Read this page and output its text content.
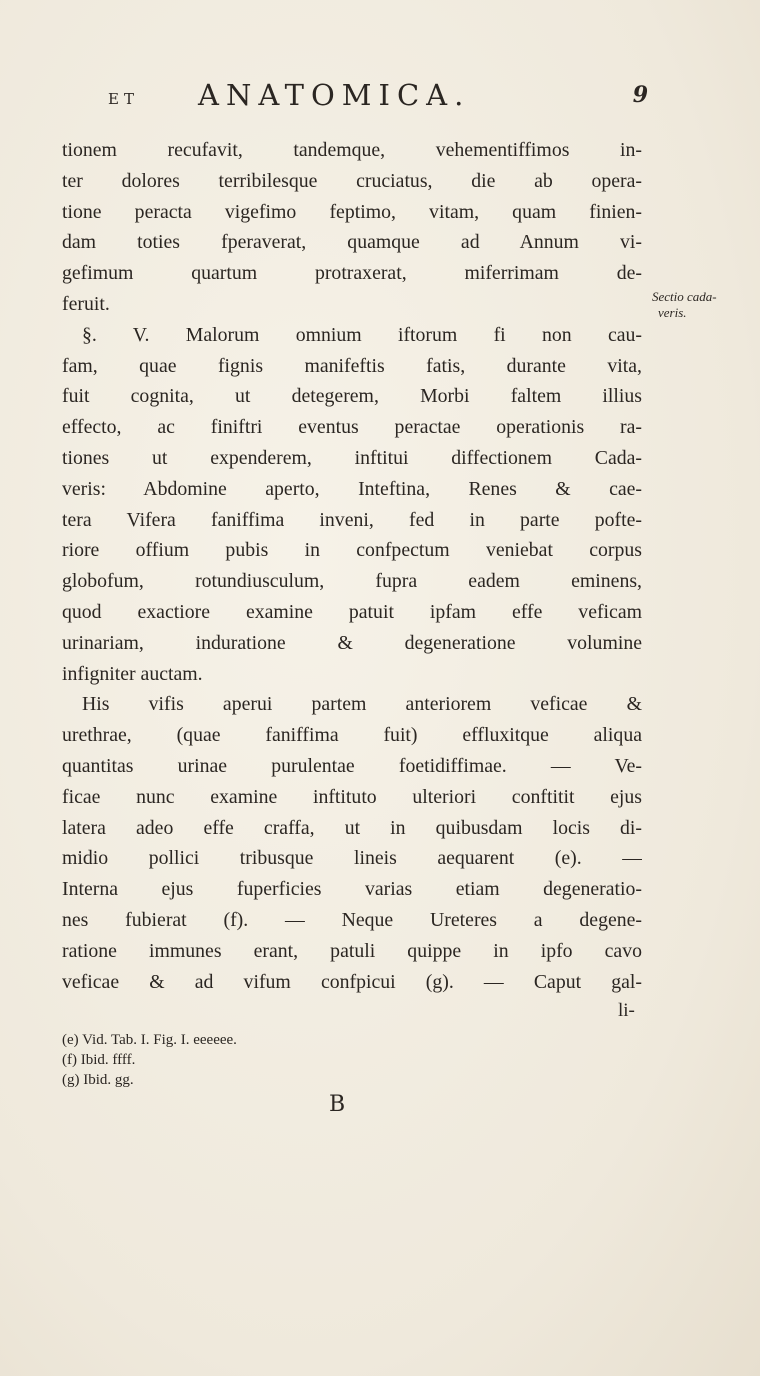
ET ANATOMICA.	9
tionem recufavit, tandemque, vehementiffimos in-
ter dolores terribilesque cruciatus, die ab opera-
tione peracta vigefimo feptimo, vitam, quam finien-
dam toties fperaverat, quamque ad Annum vi-
gefimum quartum protraxerat, miferrimam de-
feruit.
§. V. Malorum omnium iftorum fi non cau-
fam, quae fignis manifeftis fatis, durante vita,
fuit cognita, ut detegerem, Morbi faltem illius
effecto, ac finiftri eventus peractae operationis ra-
tiones ut expenderem, inftitui diffectionem Cada-
veris: Abdomine aperto, Inteftina, Renes & cae-
tera Vifera faniffima inveni, fed in parte pofte-
riore offium pubis in confpectum veniebat corpus
globofum, rotundiusculum, fupra eadem eminens,
quod exactiore examine patuit ipfam effe veficam
urinariam, induratione & degeneratione volumine
infigniter auctam.
His vifis aperui partem anteriorem veficae &
urethrae, (quae faniffima fuit) effluxitque aliqua
quantitas urinae purulentae foetidiffimae. — Ve-
ficae nunc examine inftituto ulteriori conftitit ejus
latera adeo effe craffa, ut in quibusdam locis di-
midio pollici tribusque lineis aequarent (e). —
Interna ejus fuperficies varias etiam degeneratio-
nes fubierat (f). — Neque Ureteres a degene-
ratione immunes erant, patuli quippe in ipfo cavo
veficae & ad vifum confpicui (g). — Caput gal-
Sectio cada-
veris.
li-
(e) Vid. Tab. I. Fig. I. eeeeee.
(f) Ibid. ffff.
(g) Ibid. gg.
B
